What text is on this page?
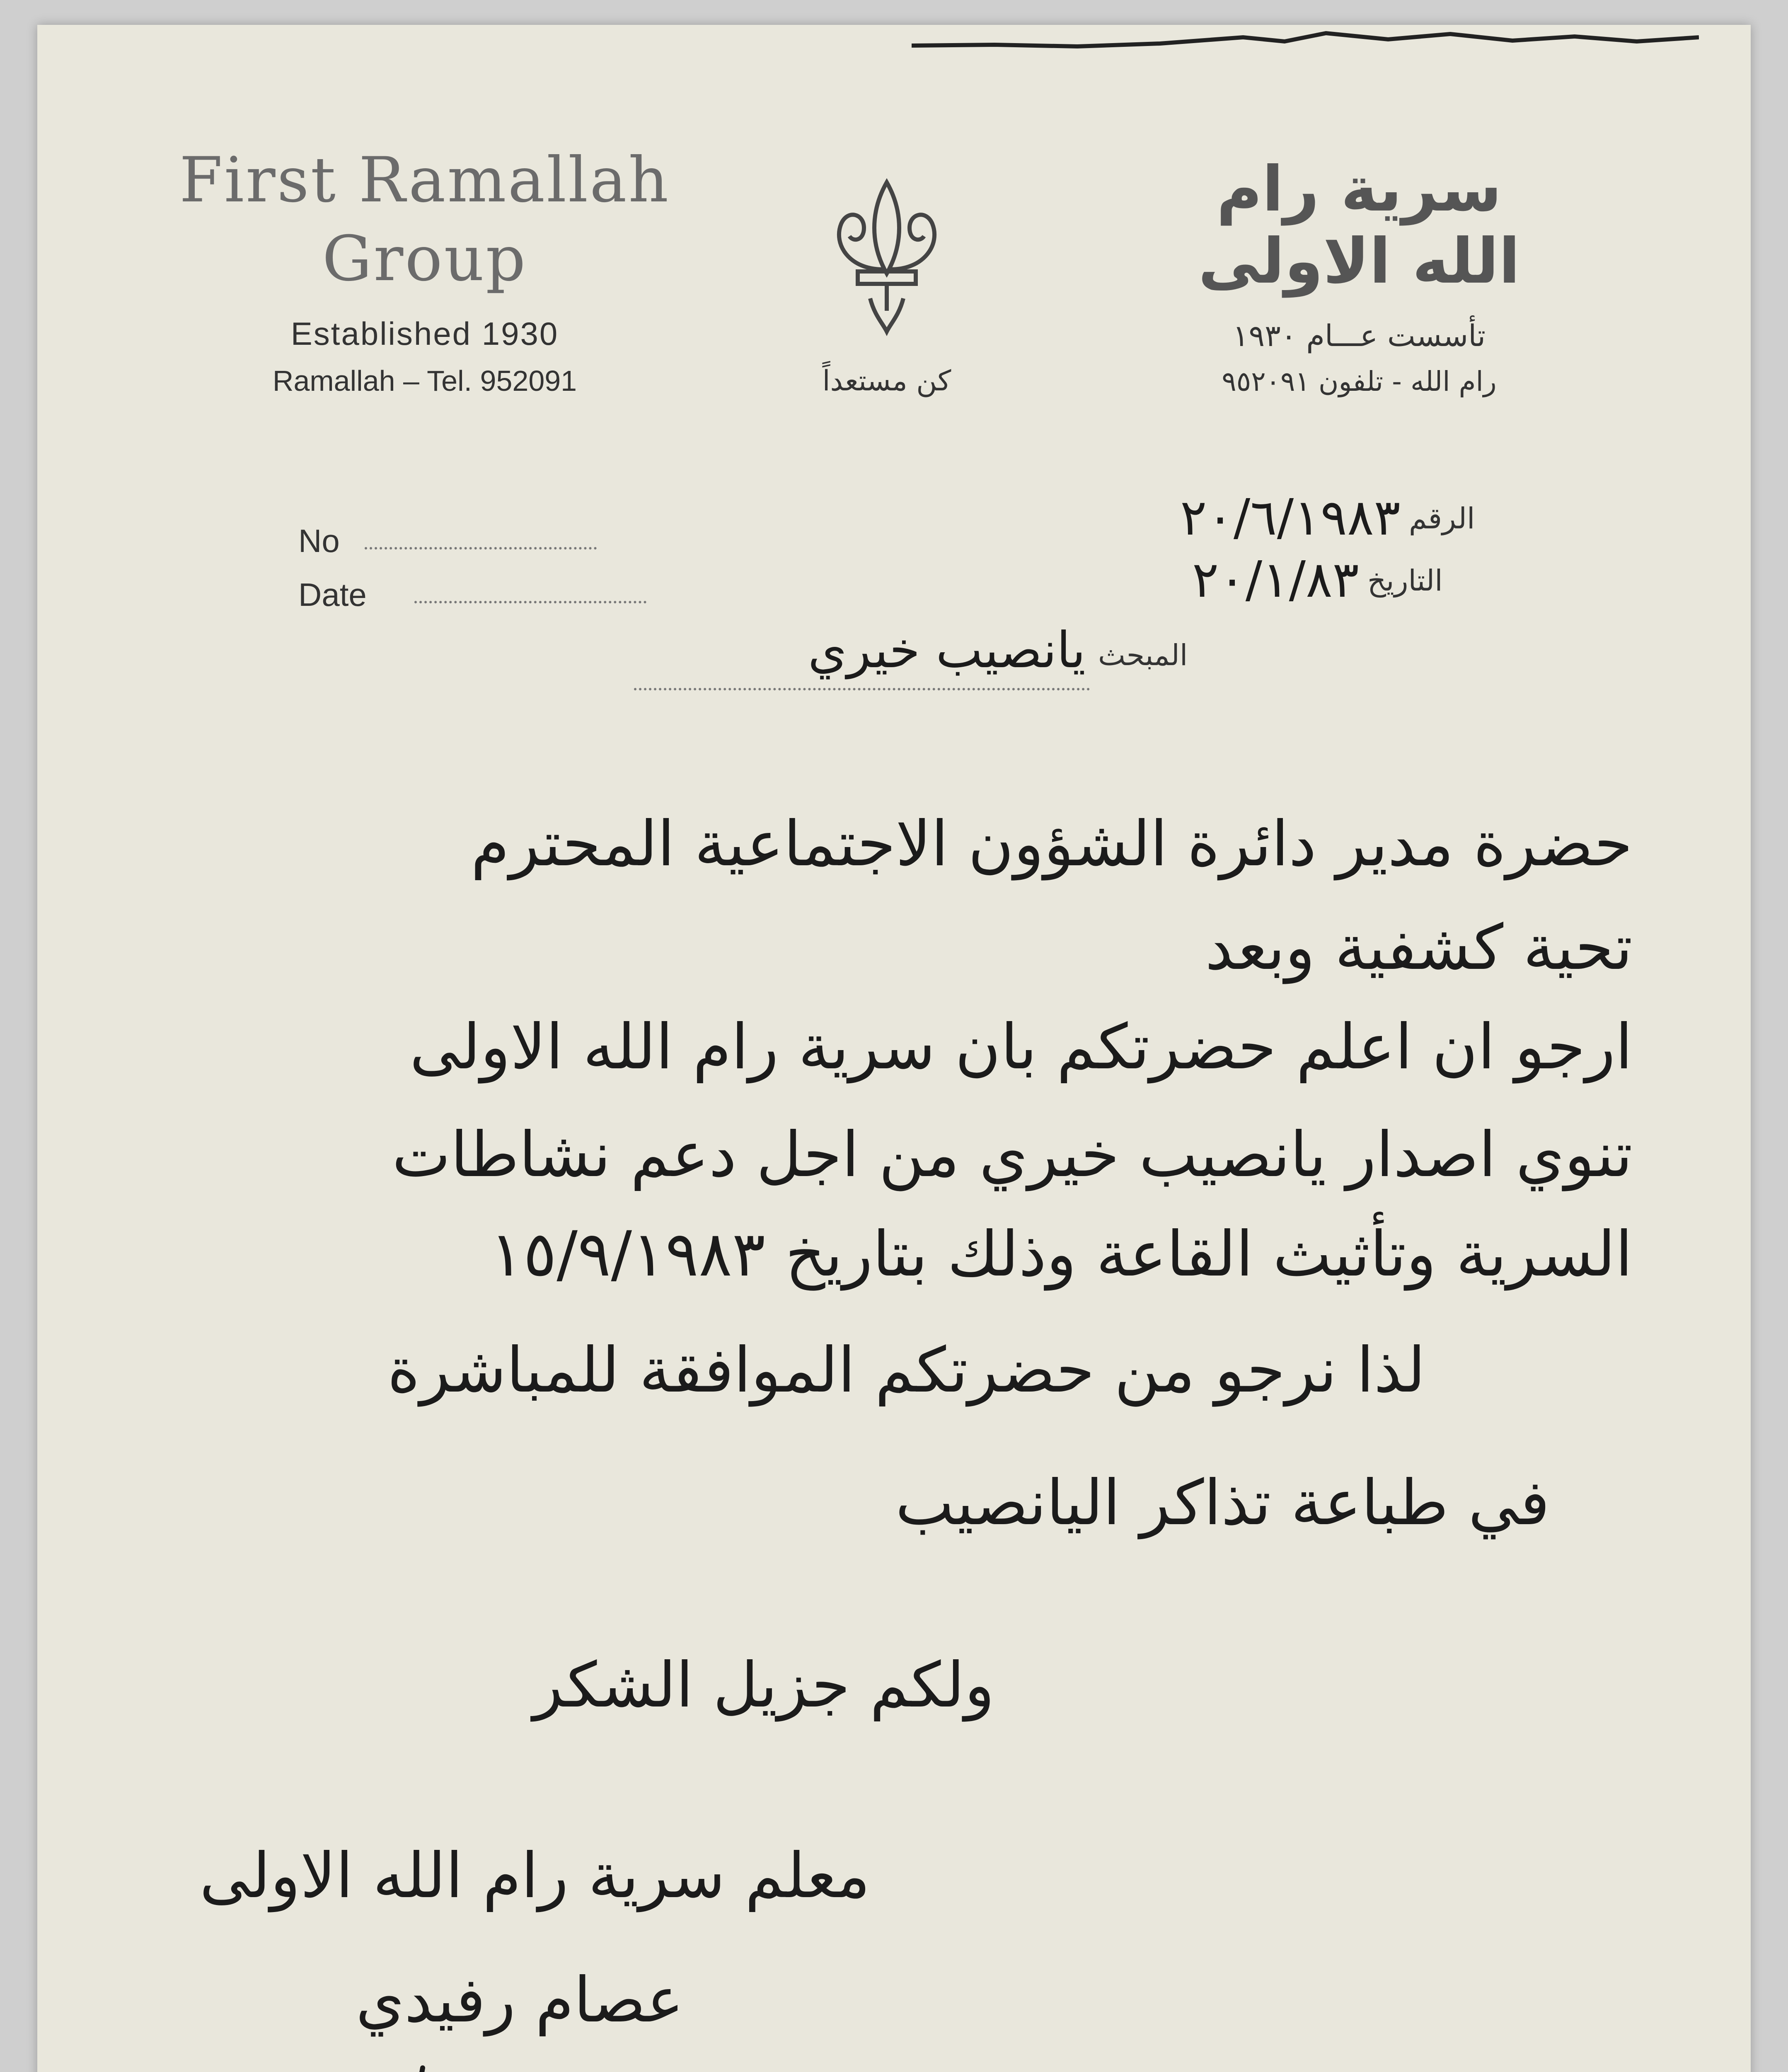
First Ramallah
Group
Established 1930
Ramallah – Tel. 952091	كن مستعداً
سرية رام الله الاولى
تأسست عـــام ١٩٣٠
رام الله - تلفون ٩٥٢٠٩١
No
Date
الرقم
٢٠/٦/١٩٨٣
التاريخ
٢٠/١/٨٣
المبحث
يانصيب خيري
حضرة مدير دائرة الشؤون الاجتماعية المحترم
تحية كشفية وبعد
ارجو ان اعلم حضرتكم بان سرية رام الله الاولى
تنوي اصدار يانصيب خيري من اجل دعم نشاطات
السرية وتأثيث القاعة وذلك بتاريخ ١٥/٩/١٩٨٣
لذا نرجو من حضرتكم الموافقة للمباشرة
في طباعة تذاكر اليانصيب
ولكم جزيل الشكر
معلم سرية رام الله الاولى
عصام رفيدي
